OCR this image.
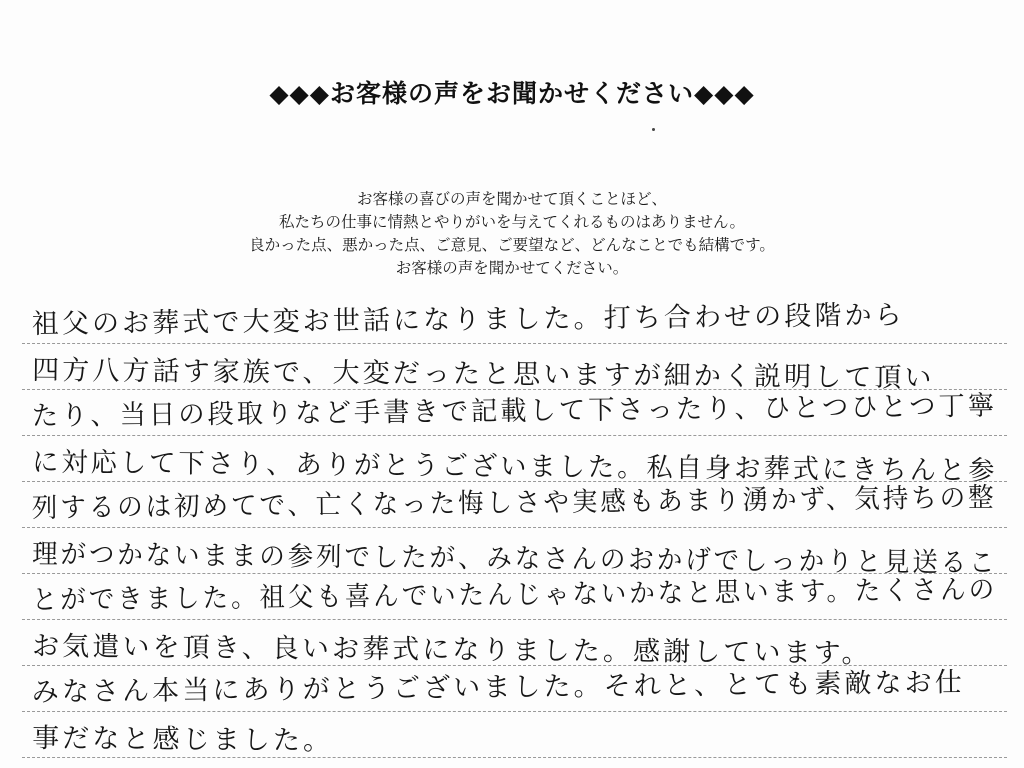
◆◆◆お客様の声をお聞かせください◆◆◆
お客様の喜びの声を聞かせて頂くことほど、
私たちの仕事に情熱とやりがいを与えてくれるものはありません。
良かった点、悪かった点、ご意見、ご要望など、どんなことでも結構です。
お客様の声を聞かせてください。
祖父のお葬式で大変お世話になりました。打ち合わせの段階から
四方八方話す家族で、大変だったと思いますが細かく説明して頂い
たり、当日の段取りなど手書きで記載して下さったり、ひとつひとつ丁寧
に対応して下さり、ありがとうございました。私自身お葬式にきちんと参
列するのは初めてで、亡くなった悔しさや実感もあまり湧かず、気持ちの整
理がつかないままの参列でしたが、みなさんのおかげでしっかりと見送るこ
とができました。祖父も喜んでいたんじゃないかなと思います。たくさんの
お気遣いを頂き、良いお葬式になりました。感謝しています。
みなさん本当にありがとうございました。それと、とても素敵なお仕
事だなと感じました。
